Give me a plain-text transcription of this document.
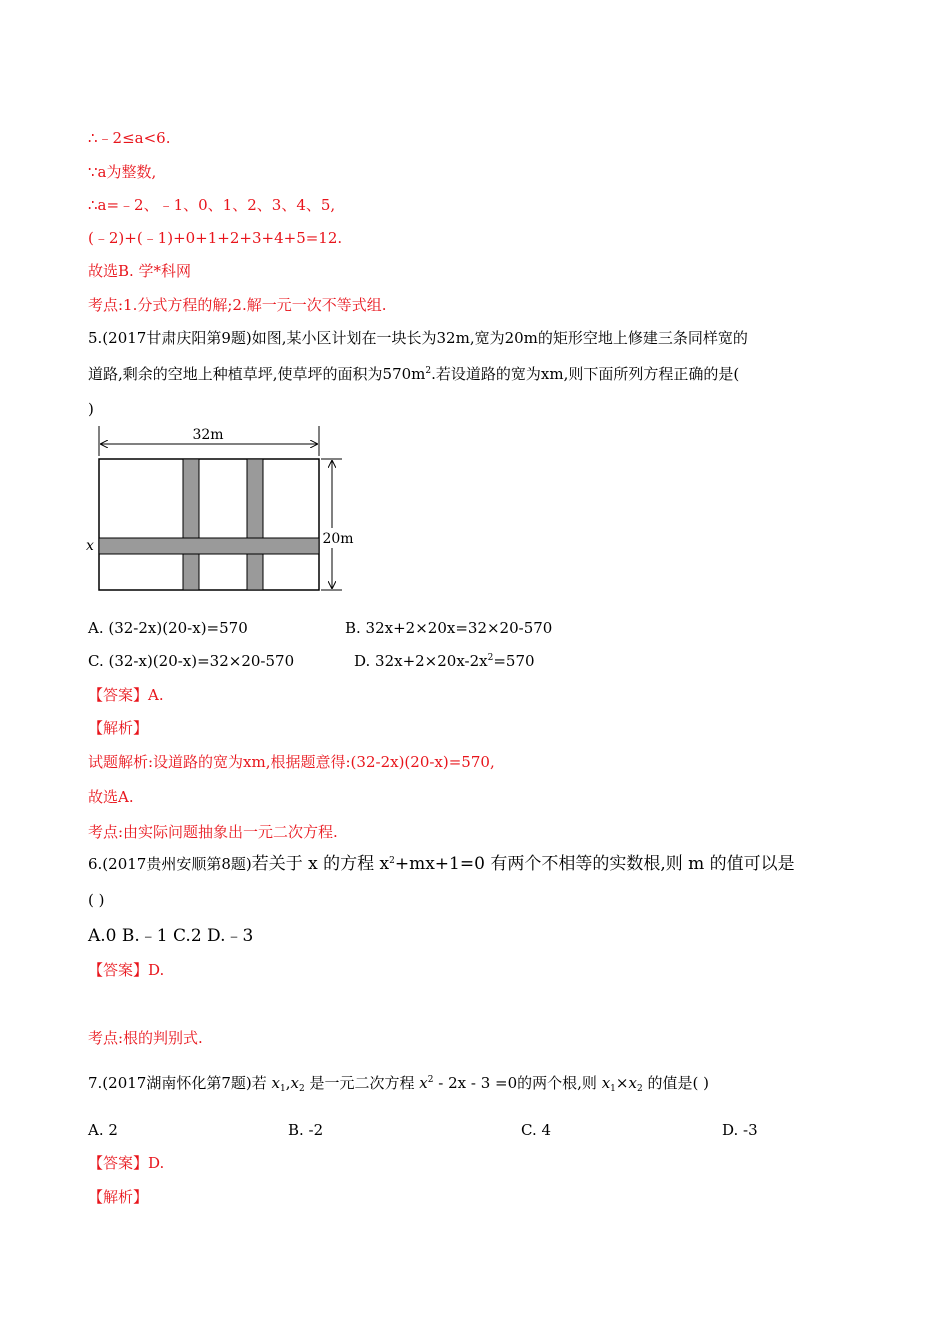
∴﹣2≤a<6.
∵a为整数,
∴a=﹣2、﹣1、0、1、2、3、4、5,
(﹣2)+(﹣1)+0+1+2+3+4+5=12.
故选B. 学*科网
考点:1.分式方程的解;2.解一元一次不等式组.
5.(2017甘肃庆阳第9题)如图,某小区计划在一块长为32m,宽为20m的矩形空地上修建三条同样宽的
道路,剩余的空地上种植草坪,使草坪的面积为$570m^2$.若设道路的宽为xm,则下面所列方程正确的是(
)
32m
20m
x
A. (32-2x)(20-x)=570	B. 32x+2×20x=32×20-570
C. (32-x)(20-x)=32×20-570	D. $32x+2\times 20x-2x^2=570$
【答案】A.
【解析】
试题解析:设道路的宽为xm,根据题意得:(32-2x)(20-x)=570,
故选A.
考点:由实际问题抽象出一元二次方程.
6.(2017贵州安顺第8题)若关于 x 的方程 $x^2+mx+1=0$ 有两个不相等的实数根,则 m 的值可以是
( )
A.0 B.﹣1 C.2 D.﹣3
【答案】D.
考点:根的判别式.
7.(2017湖南怀化第7题)若 $x_1,x_2$ 是一元二次方程 $x^2 - 2x - 3 =0$的两个根,则 $x_1\times x_2$ 的值是( )
A. 2	B. -2	C. 4	D. -3
【答案】D.
【解析】
